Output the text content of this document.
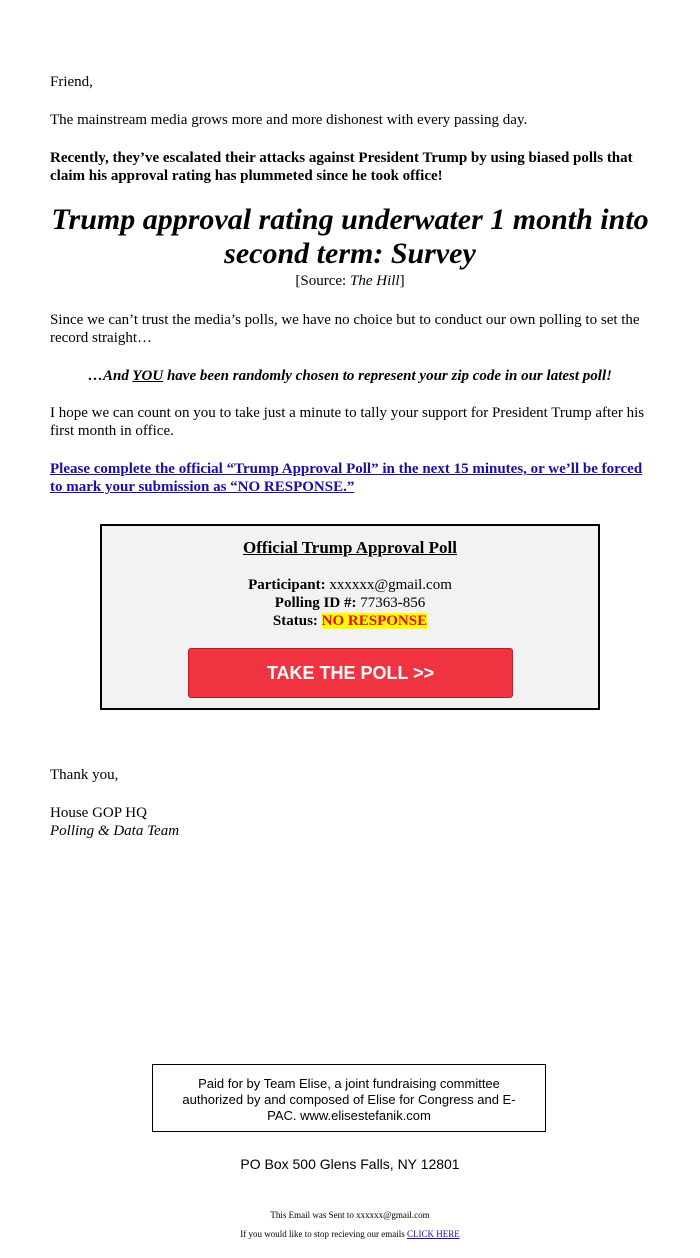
Friend,

The mainstream media grows more and more dishonest with every passing day.

Recently, they’ve escalated their attacks against President Trump by using biased polls that claim his approval rating has plummeted since he took office!

Trump approval rating underwater 1 month into second term: Survey
[Source: The Hill]

Since we can’t trust the media’s polls, we have no choice but to conduct our own polling to set the record straight…

…And YOU have been randomly chosen to represent your zip code in our latest poll!

I hope we can count on you to take just a minute to tally your support for President Trump after his first month in office.

Please complete the official “Trump Approval Poll” in the next 15 minutes, or we’ll be forced to mark your submission as “NO RESPONSE.”

Official Trump Approval Poll
Participant: xxxxxx@gmail.com
Polling ID #: 77363-856
Status: NO RESPONSE
TAKE THE POLL >>

Thank you,

House GOP HQ

Polling & Data Team

Paid for by Team Elise, a joint fundraising committee authorized by and composed of Elise for Congress and E-PAC. www.elisestefanik.com
PO Box 500 Glens Falls, NY 12801
This Email was Sent to xxxxxx@gmail.com
If you would like to stop recieving our emails CLICK HERE
